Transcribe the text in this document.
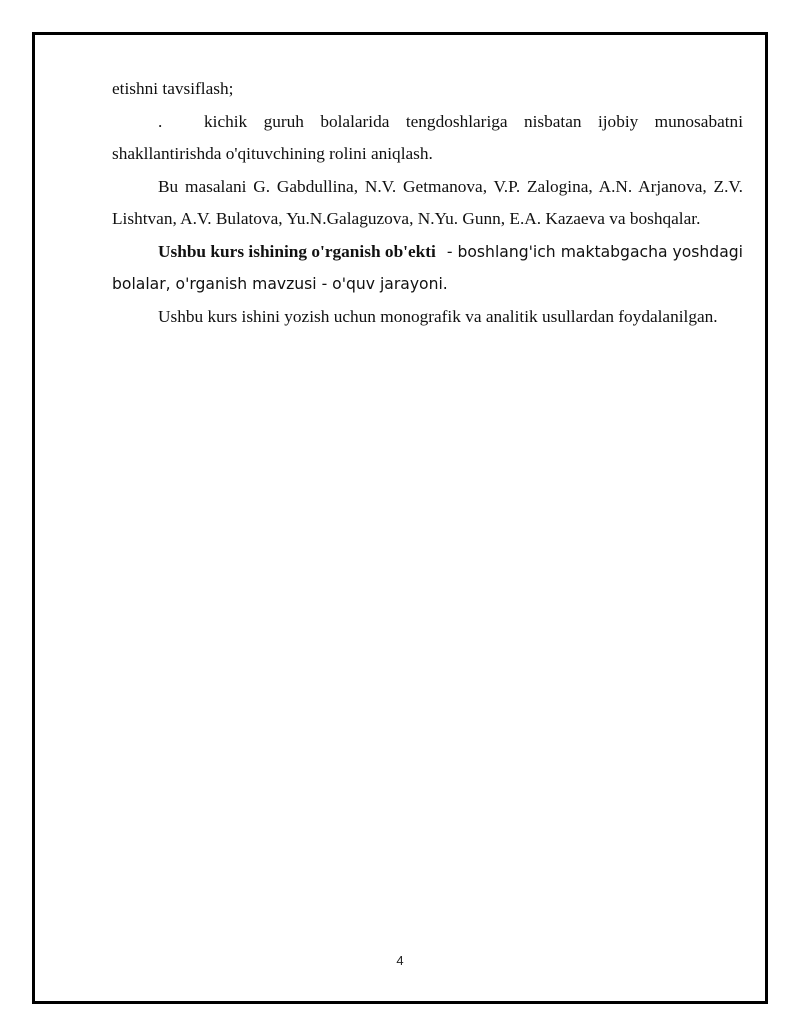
etishni tavsiflash;

. kichik guruh bolalarida tengdoshlariga nisbatan ijobiy munosabatni shakllantirishda o'qituvchining rolini aniqlash.

Bu masalani G. Gabdullina, N.V. Getmanova, V.P. Zalogina, A.N. Arjanova, Z.V. Lishtvan, A.V. Bulatova, Yu.N.Galaguzova, N.Yu. Gunn, E.A. Kazaeva va boshqalar.

Ushbu kurs ishining o'rganish ob'ekti - boshlang'ich maktabgacha yoshdagi bolalar, o'rganish mavzusi - o'quv jarayoni.

Ushbu kurs ishini yozish uchun monografik va analitik usullardan foydalanilgan.

4
